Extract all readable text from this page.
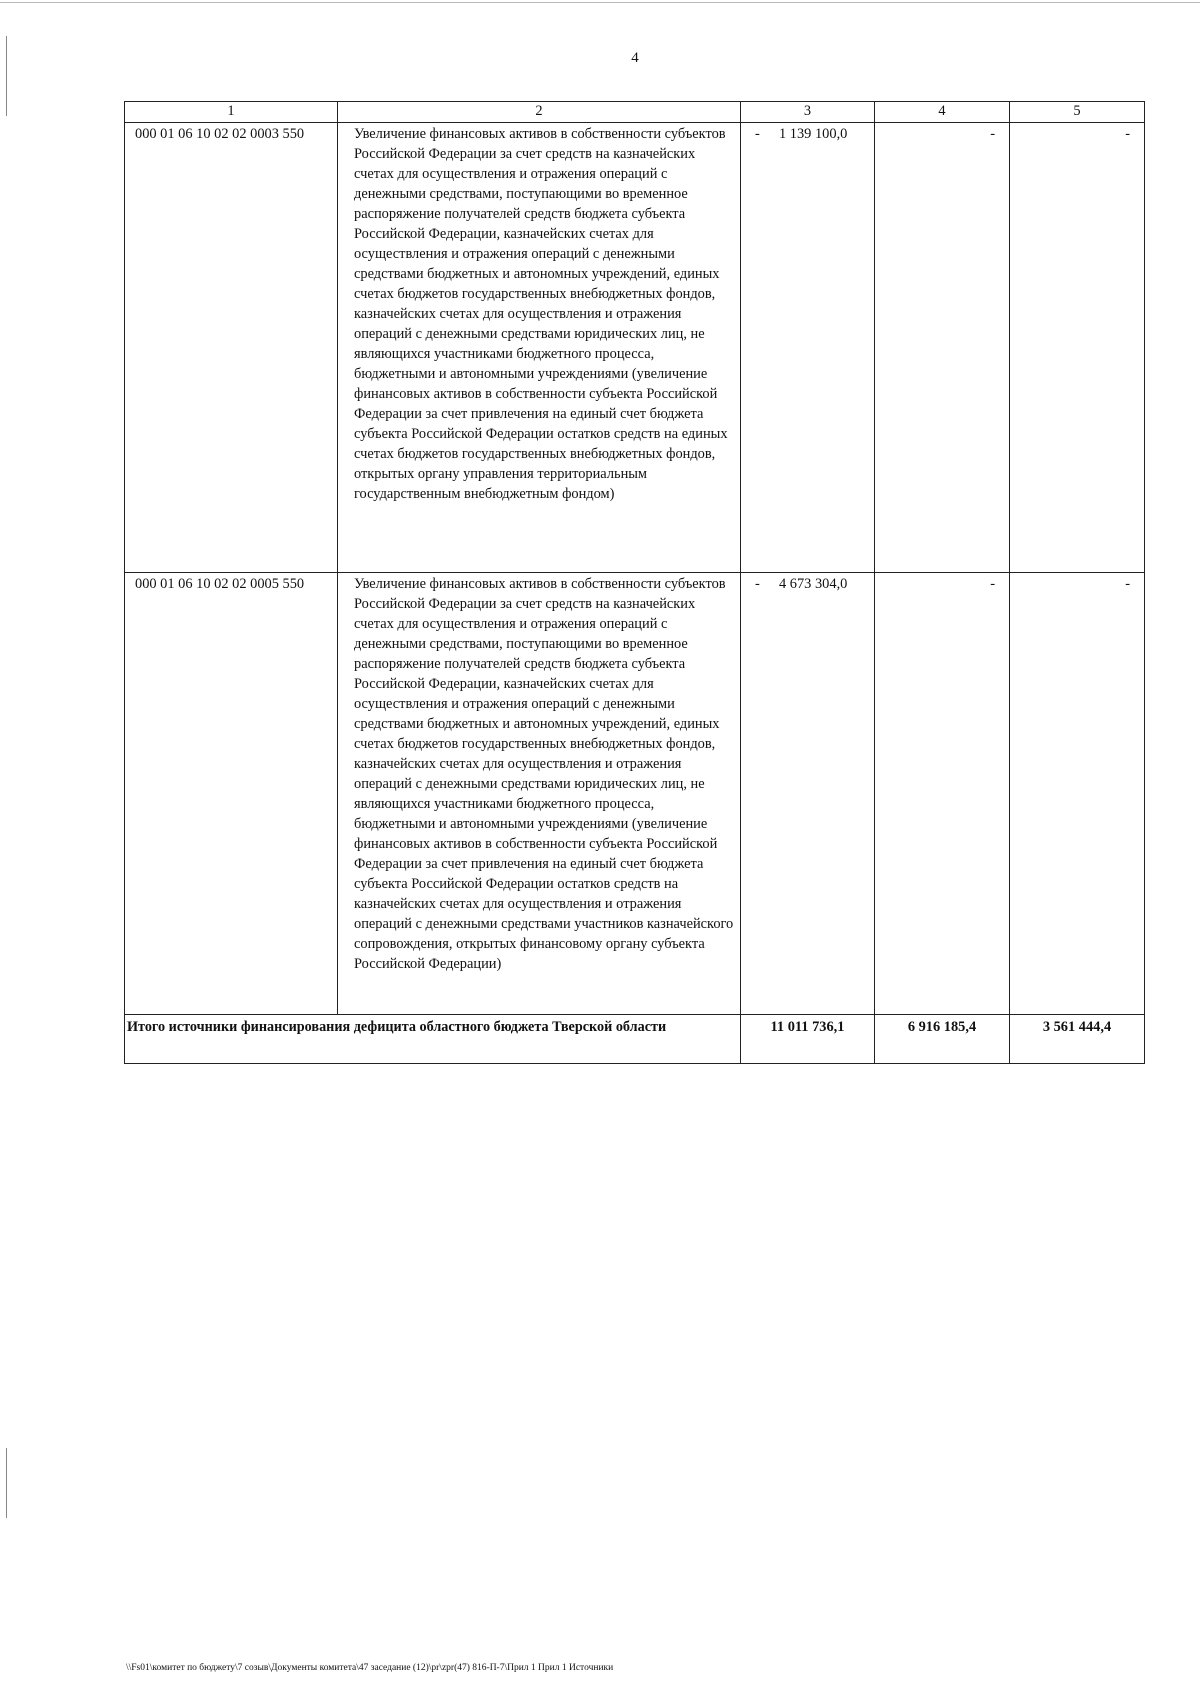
4
1	2	3	4	5
000 01 06 10 02 02 0003 550	Увеличение финансовых активов в собственности субъектов Российской Федерации за счет средств на казначейских счетах для осуществления и отражения операций с денежными средствами, поступающими во временное распоряжение получателей средств бюджета субъекта Российской Федерации, казначейских счетах для осуществления и отражения операций с денежными средствами бюджетных и автономных учреждений, единых счетах бюджетов государственных внебюджетных фондов, казначейских счетах для осуществления и отражения операций с денежными средствами юридических лиц, не являющихся участниками бюджетного процесса, бюджетными и автономными учреждениями (увеличение финансовых активов в собственности субъекта Российской Федерации за счет привлечения на единый счет бюджета субъекта Российской Федерации остатков средств на единых счетах бюджетов государственных внебюджетных фондов, открытых органу управления территориальным государственным внебюджетным фондом)	- 1 139 100,0	-	-
000 01 06 10 02 02 0005 550	Увеличение финансовых активов в собственности субъектов Российской Федерации за счет средств на казначейских счетах для осуществления и отражения операций с денежными средствами, поступающими во временное распоряжение получателей средств бюджета субъекта Российской Федерации, казначейских счетах для осуществления и отражения операций с денежными средствами бюджетных и автономных учреждений, единых счетах бюджетов государственных внебюджетных фондов, казначейских счетах для осуществления и отражения операций с денежными средствами юридических лиц, не являющихся участниками бюджетного процесса, бюджетными и автономными учреждениями (увеличение финансовых активов в собственности субъекта Российской Федерации за счет привлечения на единый счет бюджета субъекта Российской Федерации остатков средств на казначейских счетах для осуществления и отражения операций с денежными средствами участников казначейского сопровождения, открытых финансовому органу субъекта Российской Федерации)	- 4 673 304,0	-	-
Итого источники финансирования дефицита областного бюджета Тверской области		11 011 736,1	6 916 185,4	3 561 444,4
\\Fs01\комитет по бюджету\7 созыв\Документы комитета\47 заседание (12)\pr\zpr(47) 816-П-7\Прил 1 Прил 1 Источники
